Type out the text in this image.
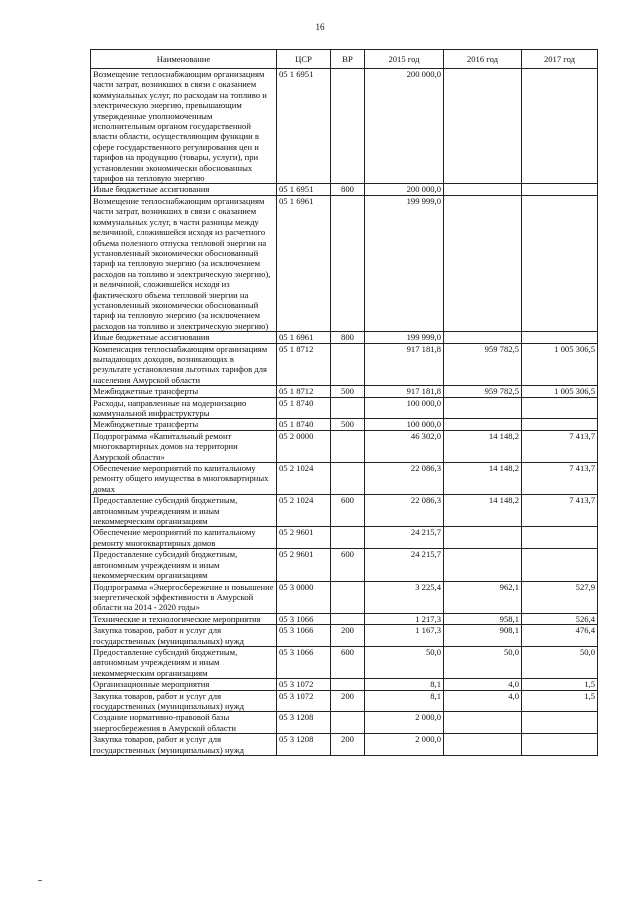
16
Наименование	ЦСР	ВР	2015 год	2016 год	2017 год
Возмещение теплоснабжающим организациям части затрат, возникших в связи с оказанием коммунальных услуг, по расходам на топливо и электрическую энергию, превышающим утвержденные уполномоченным исполнительным органом государственной власти области, осуществляющим функции в сфере государственного регулирования цен и тарифов на продукцию (товары, услуги), при установлении экономически обоснованных тарифов на тепловую энергию	05 1 6951		200 000,0		
Иные бюджетные ассигнования	05 1 6951	800	200 000,0		
Возмещение теплоснабжающим организациям части затрат, возникших в связи с оказанием коммунальных услуг, в части разницы между величиной, сложившейся исходя из расчетного объема полезного отпуска тепловой энергии на установленный экономически обоснованный тариф на тепловую энергию (за исключением расходов на топливо и электрическую энергию), и величиной, сложившейся исходя из фактического объема тепловой энергии на установленный экономически обоснованный тариф на тепловую энергию (за исключением расходов на топливо и электрическую энергию)	05 1 6961		199 999,0		
Иные бюджетные ассигнования	05 1 6961	800	199 999,0		
Компенсация теплоснабжающим организациям выпадающих доходов, возникающих в результате установления льготных тарифов для населения Амурской области	05 1 8712		917 181,8	959 782,5	1 005 306,5
Межбюджетные трансферты	05 1 8712	500	917 181,8	959 782,5	1 005 306,5
Расходы, направленные на модернизацию коммунальной инфраструктуры	05 1 8740		100 000,0		
Межбюджетные трансферты	05 1 8740	500	100 000,0		
Подпрограмма «Капитальный ремонт многоквартирных домов на территории Амурской области»	05 2 0000		46 302,0	14 148,2	7 413,7
Обеспечение мероприятий по капитальному ремонту общего имущества в многоквартирных домах	05 2 1024		22 086,3	14 148,2	7 413,7
Предоставление субсидий бюджетным, автономным учреждениям и иным некоммерческим организациям	05 2 1024	600	22 086,3	14 148,2	7 413,7
Обеспечение мероприятий по капитальному ремонту многоквартирных домов	05 2 9601		24 215,7		
Предоставление субсидий бюджетным, автономным учреждениям и иным некоммерческим организациям	05 2 9601	600	24 215,7		
Подпрограмма «Энергосбережение и повышение энергетической эффективности в Амурской области на 2014 - 2020 годы»	05 3 0000		3 225,4	962,1	527,9
Технические и технологические мероприятия	05 3 1066		1 217,3	958,1	526,4
Закупка товаров, работ и услуг для государственных (муниципальных) нужд	05 3 1066	200	1 167,3	908,1	476,4
Предоставление субсидий бюджетным, автономным учреждениям и иным некоммерческим организациям	05 3 1066	600	50,0	50,0	50,0
Организационные мероприятия	05 3 1072		8,1	4,0	1,5
Закупка товаров, работ и услуг для государственных (муниципальных) нужд	05 3 1072	200	8,1	4,0	1,5
Создание нормативно-правовой базы энергосбережения в Амурской области	05 3 1208		2 000,0		
Закупка товаров, работ и услуг для государственных (муниципальных) нужд	05 3 1208	200	2 000,0		
